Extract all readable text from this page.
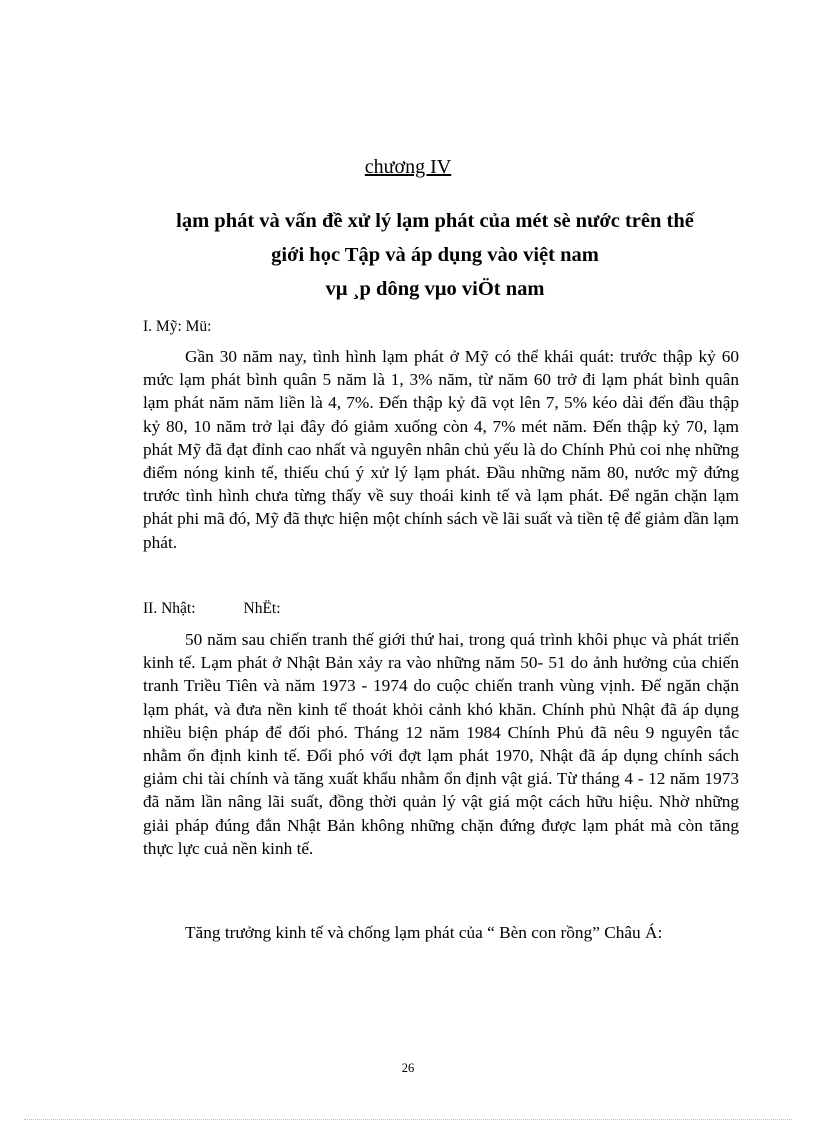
chương IV
lạm phát và vấn đề xử lý lạm phát của mét sè nước trên thế
giới học Tập và áp dụng vào việt nam
vµ ¸p dông vµo viÖt nam
I. Mỹ: Mü:

Gần 30 năm nay, tình hình lạm phát ở Mỹ có thể khái quát: trước thập kỷ 60 mức lạm phát bình quân 5 năm là 1, 3% năm, từ năm 60 trở đi lạm phát bình quân lạm phát năm năm liền là 4, 7%. Đến thập kỷ đã vọt lên 7, 5% kéo dài đến đầu thập kỷ 80, 10 năm trở lại đây đó giảm xuống còn 4, 7% mét năm. Đến thập kỷ 70, lạm phát Mỹ đã đạt đỉnh cao nhất và nguyên nhân chủ yếu là do Chính Phủ coi nhẹ những điểm nóng kinh tế, thiếu chú ý xử lý lạm phát. Đầu những năm 80, nước mỹ đứng trước tình hình chưa từng thấy về suy thoái kinh tế và lạm phát. Để ngăn chặn lạm phát phi mã đó, Mỹ đã thực hiện một chính sách về lãi suất và tiền tệ để giảm dần lạm phát.

II. Nhật:	NhËt:

50 năm sau chiến tranh thế giới thứ hai, trong quá trình khôi phục và phát triển kinh tế. Lạm phát ở Nhật Bản xảy ra vào những năm 50- 51 do ảnh hưởng của chiến tranh Triều Tiên và năm 1973 - 1974 do cuộc chiến tranh vùng vịnh. Để ngăn chặn lạm phát, và đưa nền kinh tế thoát khỏi cảnh khó khăn. Chính phủ Nhật đã áp dụng nhiều biện pháp để đối phó. Tháng 12 năm 1984 Chính Phủ đã nêu 9 nguyên tắc nhằm ổn định kinh tế. Đối phó với đợt lạm phát 1970, Nhật đã áp dụng chính sách giảm chi tài chính và tăng xuất khẩu nhằm ổn định vật giá. Từ tháng 4 - 12 năm 1973 đã năm lần nâng lãi suất, đồng thời quản lý vật giá một cách hữu hiệu. Nhờ những giải pháp đúng đắn Nhật Bản không những chặn đứng được lạm phát mà còn tăng thực lực cuả nền kinh tế.

Tăng trưởng kinh tế và chống lạm phát của “ Bèn con rồng” Châu Á:

26
